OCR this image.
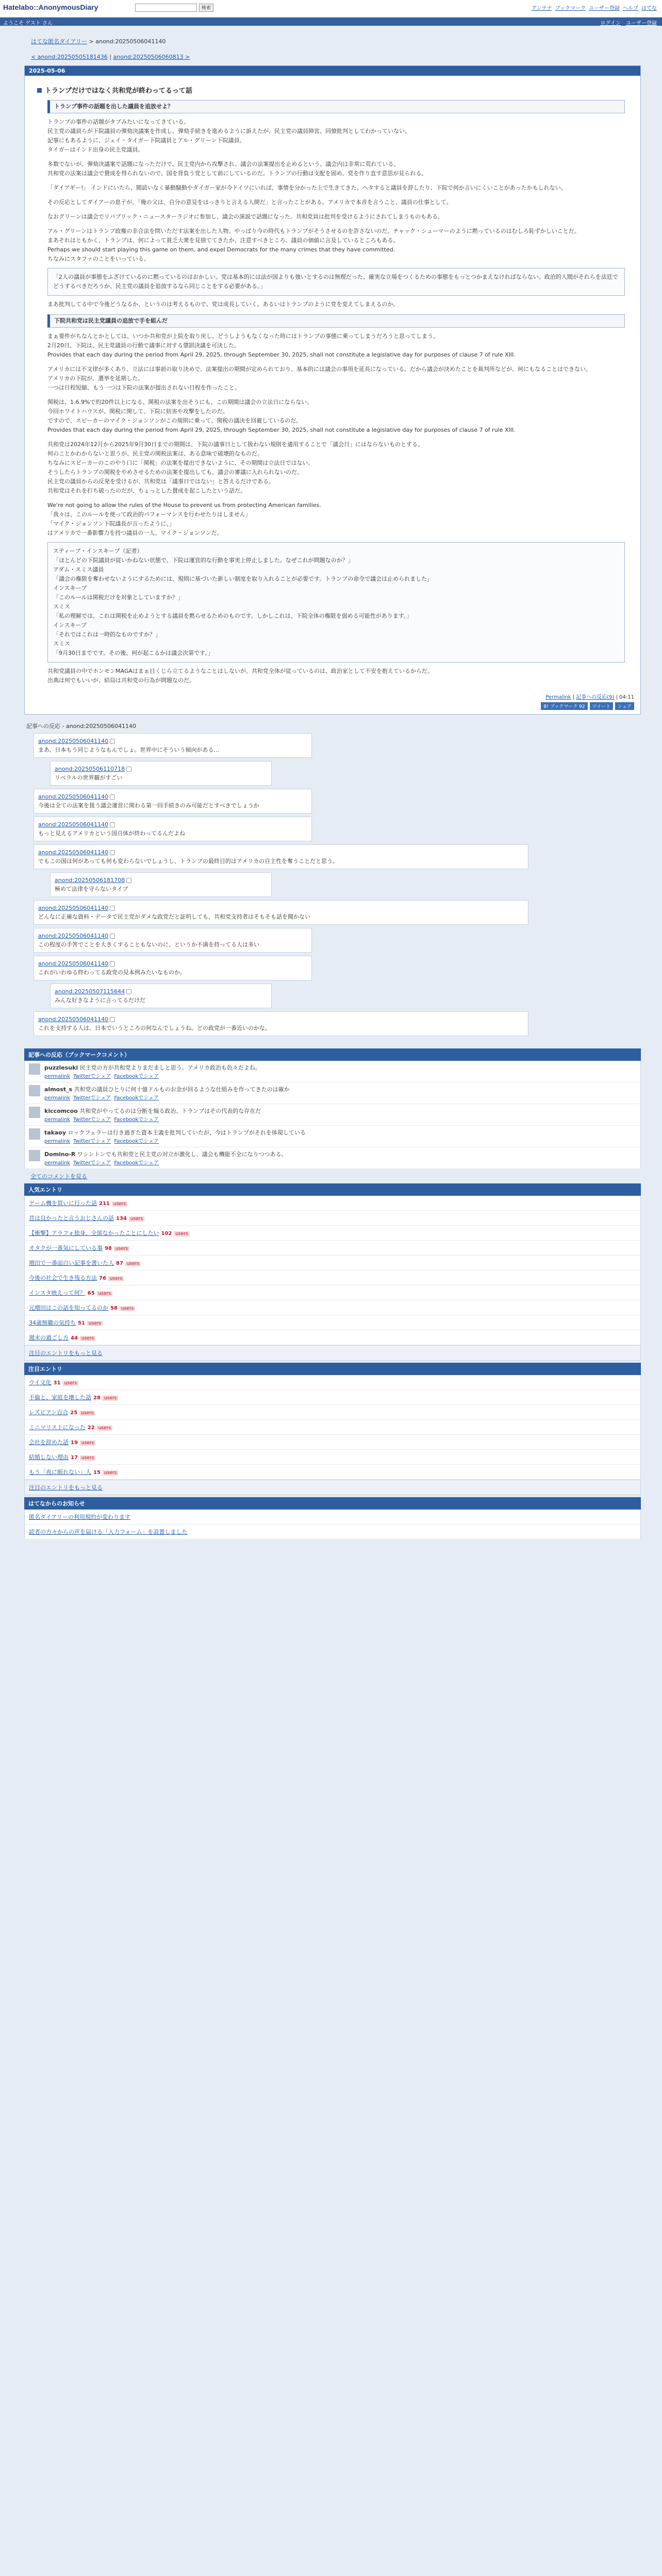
Hatelabo::AnonymousDiary	検索	アンテナ ブックマーク ユーザー登録 ヘルプ はてな
ようこそ ゲスト さん	ログイン ユーザー登録
はてな匿名ダイアリー > anond:20250506041140
< anond:20250505181436 | anond:20250506060813 >
2025-05-06
トランプだけではなく共和党が終わってるって話
トランプ事件の話題を出した議員を追放せよ？

トランプの事件の話題がタブみたいになってきている。

民主党の議員らが下院議員の弾劾決議案を作成し、弾劾手続きを進めるように訴えたが、民主党の議員陣営、同僚批判としてわかっていない。

記事にもあるように、ジェイ・タイガー下院議員とアル・グリーン下院議員。

タイガーはインド出身の民主党議員。

多数でないが、弾劾決議案で話題になっただけで、民主党内から攻撃され、議会の法案提出を止めるという。議会内は非常に荒れている。

共和党の法案は議会で賛成を得られないので、国を背負う党として前にしているのだ。トランプの行動は支配を固め、党を作り直す意思が見られる。

「ダイアギー!」 インドにいたら、閲読いなく暴動騒動やタイガー家が今ドイツにいれば、事情を分かった上で生きてきた。ヘタすると議員を辞したり、下院で何か言いにくいことがあったかもしれない。

その反応としてダイアーの息子が、「俺の父は、自分の意見をはっきりと言える人間だ」と言ったことがある。アメリカで本音を言うこと、議員の仕事として。

なおグリーンは議会でリパブリック・ニュースターラジオに参加し、議会の演説で話題になった。共和党員は批判を受けるようにされてしまうものもある。

アル・グリーンはトランプ政権の非合法を問いただす法案を出した人物。やっぱり今の時代もトランプがそうさせるのを許さないのだ。チャック・シューマーのように黙っているのはむしろ恥ずかしいことだ。

まあそれはともかく、トランプは、何によって貧乏大衆を見捨ててきたか、注意すべきところ。議員の価値に言及しているところもある。

Perhaps we should start playing this game on them, and expel Democrats for the many crimes that they have committed.

ちなみにスタファのことをいっている。

「2人の議員が事態をふざけているのに黙っているのはおかしい。党は基本的には法が国よりも強いとするのは無理だった。確実な立場をつくるための事態をもっとつかまえなければならない。政治的人間がそれらを法廷でどうするべきだろうか、民主党の議員を追放するなら同じことをする必要がある。」

まあ批判してる中で今後どうなるか、というのは考えるもので、党は成長していく。あるいはトランプのように党を変えてしまえるのか。

下院共和党は民主党議員の追放で手を組んだ

まぁ要件がちなんとかとしては、いつか共和党が上院を取り戻し、どうしようもなくなった時にはトランプの事態に乗ってしまうだろうと思ってしまう。

2月20日、下院は、民主党議員の行動で議事に対する懲罰決議を可決した。

Provides that each day during the period from April 29, 2025, through September 30, 2025, shall not constitute a legislative day for purposes of clause 7 of rule XIII.

アメリカには不文律が多くあり、立法には事前の取り決めで、法案提出の期間が定められており、基本的には議会の事項を延長になっている。だから議会が決めたことを裁判所などが、何にもなることはできない。

アメリカの下院が、選挙を延期した。

一つは日程短縮、もう一つは下院の法案が提出されない日程を作ったこと。

関税は、1.6.9%で約20件以上になる。関税の法案を出そうにも、この期間は議会の立法日にならない。

今回ホワイトハウスが、関税に関して、下院に妨害や攻撃をしたのだ。

ですので、スピーカーのマイク・ジョンソンがこの規則に乗って、関税の議決を回避しているのだ。

Provides that each day during the period from April 29, 2025, through September 30, 2025, shall not constitute a legislative day for purposes of clause 7 of rule XIII.

共和党は2024年12月から2025年9月30日までの期間は、下院の議事日として扱わない規則を適用することで「議会日」にはならないものとする。

何のことかわからないと思うが、民主党の関税法案は、ある意味で破壊的なものだ。

ちなみにスピーカーのこのやり口に「関税」の法案を提出できないように、その期間は立法日ではない。

そうしたらトランプの関税をやめさせるための法案を提出しても、議会の審議に入れられないのだ。

民主党の議員からの反発を受けるが、共和党は「議事日ではない」と答えるだけである。

共和党はそれを打ち破ったのだが、ちょっとした賛成を起こしたという話だ。

We're not going to allow the rules of the House to prevent us from protecting American families.

「我々は、このルールを使って政治的パフォーマンスを行わせたりはしません」

「マイク・ジョンソン下院議長が言ったように、」

はアメリカで一番影響力を持つ議員の一人、マイク・ジョンソンだ。

スティーブ・インスキープ（記者）

「ほとんどの下院議員が従いかねない状態で、下院は運営的な行動を事実上停止しました。なぜこれが問題なのか？」
アダム・スミス議員
「議会の権限を奪わせないようにするためには、規則に基づいた新しい制度を取り入れることが必要です。トランプの命令で議会は止められました」
インスキープ
「このルールは関税だけを対象としていますか？」
スミス
「私の理解では、これは関税を止めようとする議員を黙らせるためのものです。しかしこれは、下院全体の権限を弱める可能性があります。」
インスキープ
「それではこれは一時的なものですか？」
スミス
「9月30日までです。その後、何が起こるかは議会次第です。」

共和党議員の中でホンモンMAGAはまぁ目くじら立てるようなことはしないが、共和党全体が従っているのは、政治家として不安を抱えているからだ。

出典は何でもいいが、結局は共和党の行為が問題なのだ。

Permalink | 記事への反応(9) | 04:11
B! ブックマーク 92	ツイート	シェア
記事への反応 - anond:20250506041140
anond:20250506041140
まあ、日本もう同じようなもんでしょ。世界中にそういう傾向がある...
anond:20250506110718
リベラルの世界観がすごい
anond:20250506041140
今後は全ての法案を扱う議会運営に関わる第一回手続きのみ可能だとすべきでしょうか
anond:20250506041140
もっと見えるアメリカという国自体が終わってるんだよね
anond:20250506041140
でもこの国は何があっても何も変わらないでしょうし、トランプの最終目的はアメリカの自主性を奪うことだと思う。
anond:20250506181708
極めて法律を守らないタイプ
anond:20250506041140
どんなに正確な資料・データで民主党がダメな政党だと証明しても、共和党支持者はそもそも話を聞かない
anond:20250506041140
この程度の手筈でことを大きくすることもないのに、というか不満を持ってる人は多い
anond:20250506041140
これがいわゆる終わってる政党の見本例みたいなものか。
anond:20250507115644
みんな好きなように言ってるだけだ
anond:20250506041140
これを支持する人は、日本でいうところの何なんでしょうね。どの政党が一番近いのかな。
記事への反応（ブックマークコメント）
puzzlesuki 民主党の方が共和党よりまだましと思う。アメリカ政治も色々だよね。
permalink Twitterでシェア Facebookでシェア
almost_s 共和党の議員ひとりに何十億ドルものお金が回るような仕組みを作ってきたのは確か
permalink Twitterでシェア Facebookでシェア
kiccomcoo 共和党がやってるのは分断を煽る政治、トランプはその代表的な存在だ
permalink Twitterでシェア Facebookでシェア
takaoy ロックフェラーは行き過ぎた資本主義を批判していたが、今はトランプがそれを体現している
permalink Twitterでシェア Facebookでシェア
Domino-R ワシントンでも共和党と民主党の対立が激化し、議会も機能不全になりつつある。
permalink Twitterでシェア Facebookでシェア
全てのコメントを見る
人気エントリ
ゲーム機を買いに行った話 211 users
昔は良かったと言うおじさんの話 134 users
【衝撃】アラフォ独身、全部なかったことにしたい 102 users
オタクが一番気にしている事 98 users
増田で一番面白い記事を書いた人 87 users
今後の社会で生き残る方法 76 users
インスタ映えって何？ 65 users
元増田はこの話を知ってるのか 58 users
34歳無職の気持ち 51 users
週末の過ごし方 44 users
注目のエントリをもっと見る
注目エントリ
ウイ文化 31 users
不倫と、家庭を壊した話 28 users
レズビアン百合 25 users
ミニマリストになった 22 users
会社を辞めた話 19 users
結婚しない理由 17 users
もう「夜に眠れない」人 15 users
注目のエントリをもっと見る
はてなからのお知らせ
匿名ダイアリーの利用規約が変わります
読者の方々からの声を届ける「入力フォーム」を設置しました
